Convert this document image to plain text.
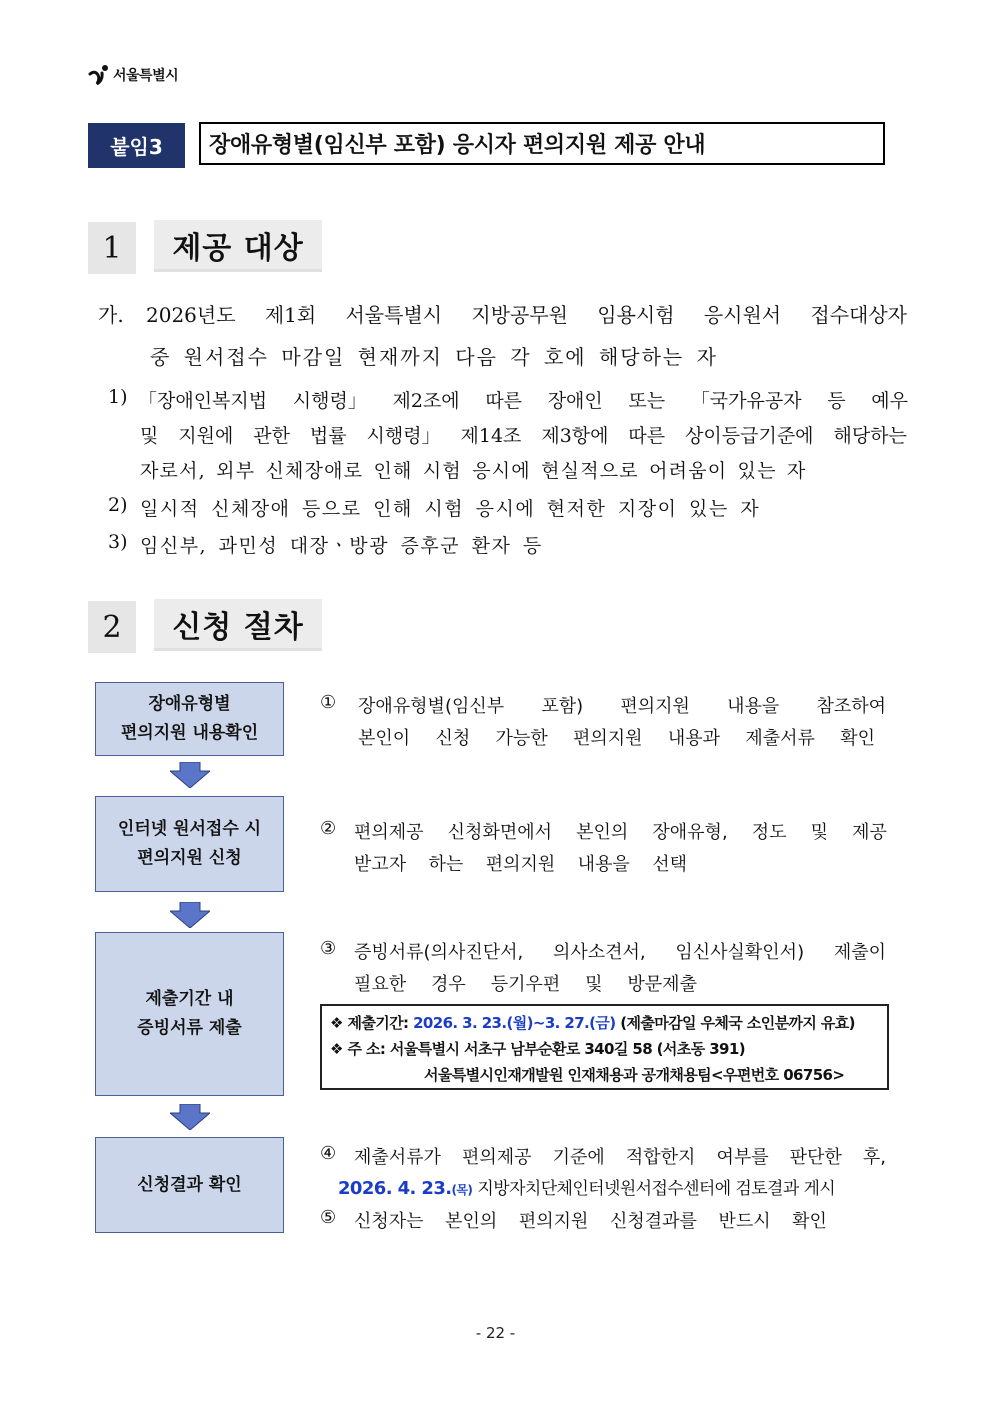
서울특별시
붙임3	장애유형별(임신부 포함) 응시자 편의지원 제공 안내
1	제공 대상
가. 2026년도 제1회 서울특별시 지방공무원 임용시험 응시원서 접수대상자
중 원서접수 마감일 현재까지 다음 각 호에 해당하는 자
1) 「장애인복지법 시행령」 제2조에 따른 장애인 또는 「국가유공자 등 예우
및 지원에 관한 법률 시행령」 제14조 제3항에 따른 상이등급기준에 해당하는
자로서, 외부 신체장애로 인해 시험 응시에 현실적으로 어려움이 있는 자
2) 일시적 신체장애 등으로 인해 시험 응시에 현저한 지장이 있는 자
3) 임신부, 과민성 대장ㆍ방광 증후군 환자 등
2	신청 절차
장애유형별
편의지원 내용확인
① 장애유형별(임신부 포함) 편의지원 내용을 참조하여
본인이 신청 가능한 편의지원 내용과 제출서류 확인
인터넷 원서접수 시
편의지원 신청
② 편의제공 신청화면에서 본인의 장애유형, 정도 및 제공
받고자 하는 편의지원 내용을 선택
제출기간 내
증빙서류 제출
③ 증빙서류(의사진단서, 의사소견서, 임신사실확인서) 제출이
필요한 경우 등기우편 및 방문제출
❖ 제출기간: 2026. 3. 23.(월)~3. 27.(금) (제출마감일 우체국 소인분까지 유효)
❖ 주 소: 서울특별시 서초구 남부순환로 340길 58 (서초동 391)
서울특별시인재개발원 인재채용과 공개채용팀<우편번호 06756>
신청결과 확인
④ 제출서류가 편의제공 기준에 적합한지 여부를 판단한 후,
2026. 4. 23.(목) 지방자치단체인터넷원서접수센터에 검토결과 게시
⑤ 신청자는 본인의 편의지원 신청결과를 반드시 확인
- 22 -
